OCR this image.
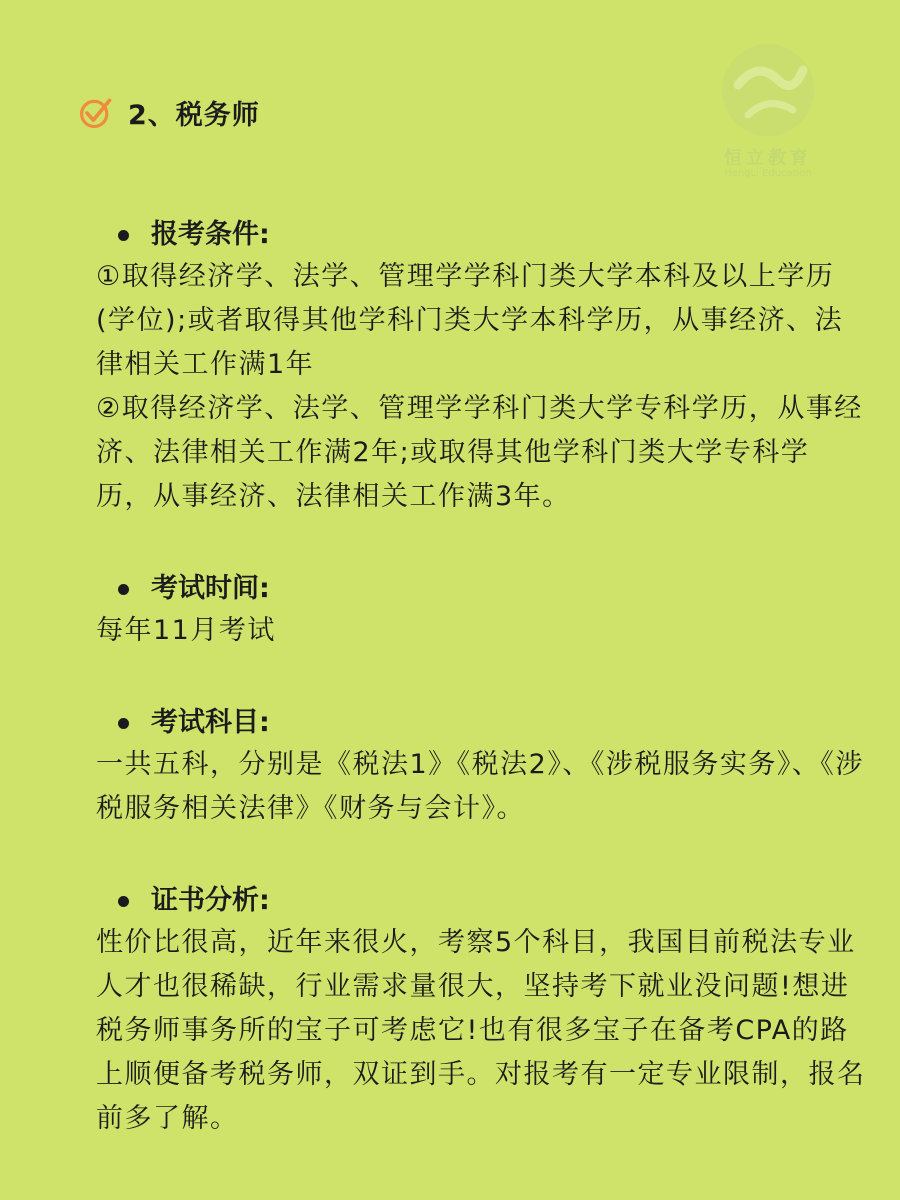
2、税务师
恒立教育
HengLi Education
报考条件:
①取得经济学、法学、管理学学科门类大学本科及以上学历(学位);或者取得其他学科门类大学本科学历，从事经济、法律相关工作满1年
②取得经济学、法学、管理学学科门类大学专科学历，从事经济、法律相关工作满2年;或取得其他学科门类大学专科学历，从事经济、法律相关工作满3年。
考试时间:
每年11月考试
考试科目:
一共五科，分别是《税法1》《税法2》、《涉税服务实务》、《涉税服务相关法律》《财务与会计》。
证书分析:
性价比很高，近年来很火，考察5个科目，我国目前税法专业人才也很稀缺，行业需求量很大，坚持考下就业没问题!想进税务师事务所的宝子可考虑它!也有很多宝子在备考CPA的路上顺便备考税务师，双证到手。对报考有一定专业限制，报名前多了解。
